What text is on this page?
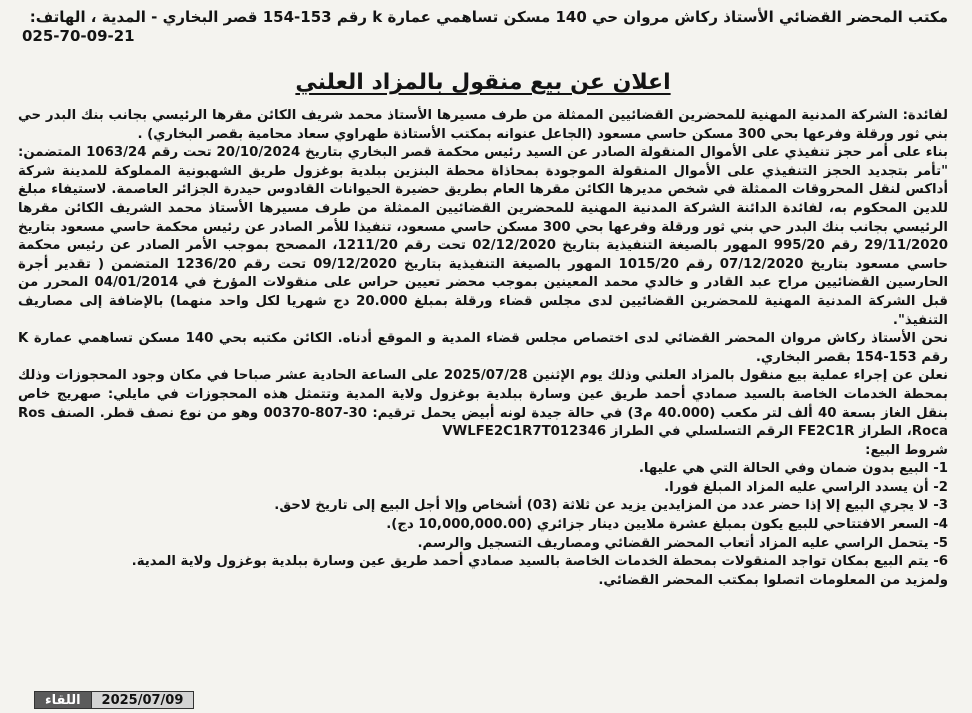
مكتب المحضر القضائي الأستاذ ركاش مروان حي 140 مسكن تساهمي عمارة k رقم 153-154 قصر البخاري - المدية ، الهاتف:

025-70-09-21

اعلان عن بيع منقول بالمزاد العلني

لفائدة: الشركة المدنية المهنية للمحضرين القضائيين الممثلة من طرف مسيرها الأستاذ محمد شريف الكائن مقرها الرئيسي بجانب بنك البدر حي بني ثور ورقلة وفرعها بحي 300 مسكن حاسي مسعود (الجاعل عنوانه بمكتب الأستاذة طهراوي سعاد محامية بقصر البخاري) .

بناء على أمر حجز تنفيذي على الأموال المنقولة الصادر عن السيد رئيس محكمة قصر البخاري بتاريخ 20/10/2024 تحت رقم 1063/24 المتضمن: "تأمر بتجديد الحجز التنفيذي على الأموال المنقولة الموجودة بمحاذاة محطة البنزين ببلدية بوغزول طريق الشهبونية المملوكة للمدينة شركة أداكس لنقل المحروقات الممثلة في شخص مديرها الكائن مقرها العام بطريق حضيرة الحيوانات القادوس حيدرة الجزائر العاصمة. لاستيفاء مبلغ للدين المحكوم به، لفائدة الدائنة الشركة المدنية المهنية للمحضرين القضائيين الممثلة من طرف مسيرها الأستاذ محمد الشريف الكائن مقرها الرئيسي بجانب بنك البدر حي بني ثور ورقلة وفرعها بحي 300 مسكن حاسي مسعود، تنفيذا للأمر الصادر عن رئيس محكمة حاسي مسعود بتاريخ 29/11/2020 رقم 995/20 المهور بالصيغة التنفيذية بتاريخ 02/12/2020 تحت رقم 1211/20، المصحح بموجب الأمر الصادر عن رئيس محكمة حاسي مسعود بتاريخ 07/12/2020 رقم 1015/20 المهور بالصيغة التنفيذية بتاريخ 09/12/2020 تحت رقم 1236/20 المتضمن ( تقدير أجرة الحارسين القضائيين مراح عبد القادر و خالدي محمد المعينين بموجب محضر تعيين حراس على منقولات المؤرخ في 04/01/2014 المحرر من قبل الشركة المدنية المهنية للمحضرين القضائيين لدى مجلس قضاء ورقلة بمبلغ 20.000 دج شهريا لكل واحد منهما) بالإضافة إلى مصاريف التنفيذ".

نحن الأستاذ ركاش مروان المحضر القضائي لدى اختصاص مجلس قضاء المدية و الموقع أدناه. الكائن مكتبه بحي 140 مسكن تساهمي عمارة K رقم 153-154 بقصر البخاري.

نعلن عن إجراء عملية بيع منقول بالمزاد العلني وذلك يوم الإثنين 2025/07/28 على الساعة الحادية عشر صباحا في مكان وجود المحجوزات وذلك بمحطة الخدمات الخاصة بالسيد صمادي أحمد طريق عين وسارة ببلدية بوغزول ولاية المدية وتتمثل هذه المحجوزات في مايلي: صهريج خاص بنقل الغاز بسعة 40 ألف لتر مكعب (40.000 م3) في حالة جيدة لونه أبيض يحمل ترقيم: 30-807-00370 وهو من نوع نصف قطر. الصنف Ros Roca، الطراز FE2C1R الرقم التسلسلي في الطراز VWLFE2C1R7T012346

شروط البيع:

1- البيع بدون ضمان وفي الحالة التي هي عليها.
2- أن يسدد الراسي عليه المزاد المبلغ فورا.
3- لا يجري البيع إلا إذا حضر عدد من المزايدين يزيد عن ثلاثة (03) أشخاص وإلا أجل البيع إلى تاريخ لاحق.
4- السعر الافتتاحي للبيع يكون بمبلغ عشرة ملايين دينار جزائري (10,000,000.00 دج).
5- يتحمل الراسي عليه المزاد أتعاب المحضر القضائي ومصاريف التسجيل والرسم.
6- يتم البيع بمكان تواجد المنقولات بمحطة الخدمات الخاصة بالسيد صمادي أحمد طريق عين وسارة ببلدية بوغزول ولاية المدية.
ولمزيد من المعلومات اتصلوا بمكتب المحضر القضائي.
اللقاء	2025/07/09
